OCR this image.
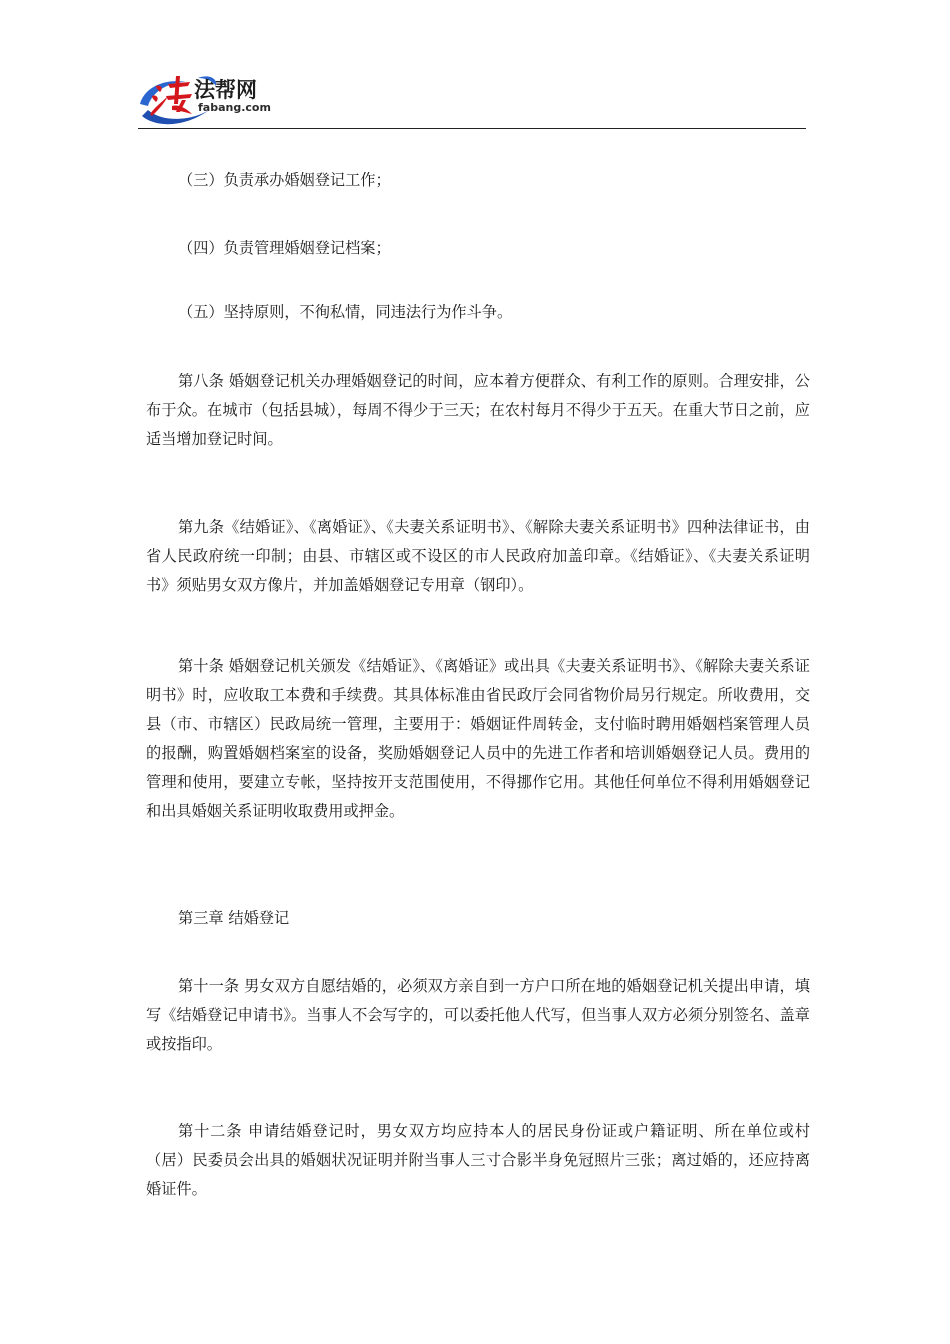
法帮网
fabang.com

（三）负责承办婚姻登记工作；

（四）负责管理婚姻登记档案；

（五）坚持原则，不徇私情，同违法行为作斗争。

第八条 婚姻登记机关办理婚姻登记的时间，应本着方便群众、有利工作的原则。合理安排，公布于众。在城市（包括县城），每周不得少于三天；在农村每月不得少于五天。在重大节日之前，应适当增加登记时间。

第九条《结婚证》、《离婚证》、《夫妻关系证明书》、《解除夫妻关系证明书》四种法律证书，由省人民政府统一印制；由县、市辖区或不设区的市人民政府加盖印章。《结婚证》、《夫妻关系证明书》须贴男女双方像片，并加盖婚姻登记专用章（钢印）。

第十条 婚姻登记机关颁发《结婚证》、《离婚证》或出具《夫妻关系证明书》、《解除夫妻关系证明书》时，应收取工本费和手续费。其具体标准由省民政厅会同省物价局另行规定。所收费用，交县（市、市辖区）民政局统一管理，主要用于：婚姻证件周转金，支付临时聘用婚姻档案管理人员的报酬，购置婚姻档案室的设备，奖励婚姻登记人员中的先进工作者和培训婚姻登记人员。费用的管理和使用，要建立专帐，坚持按开支范围使用，不得挪作它用。其他任何单位不得利用婚姻登记和出具婚姻关系证明收取费用或押金。

第三章 结婚登记

第十一条 男女双方自愿结婚的，必须双方亲自到一方户口所在地的婚姻登记机关提出申请，填写《结婚登记申请书》。当事人不会写字的，可以委托他人代写，但当事人双方必须分别签名、盖章或按指印。

第十二条 申请结婚登记时，男女双方均应持本人的居民身份证或户籍证明、所在单位或村（居）民委员会出具的婚姻状况证明并附当事人三寸合影半身免冠照片三张；离过婚的，还应持离婚证件。
